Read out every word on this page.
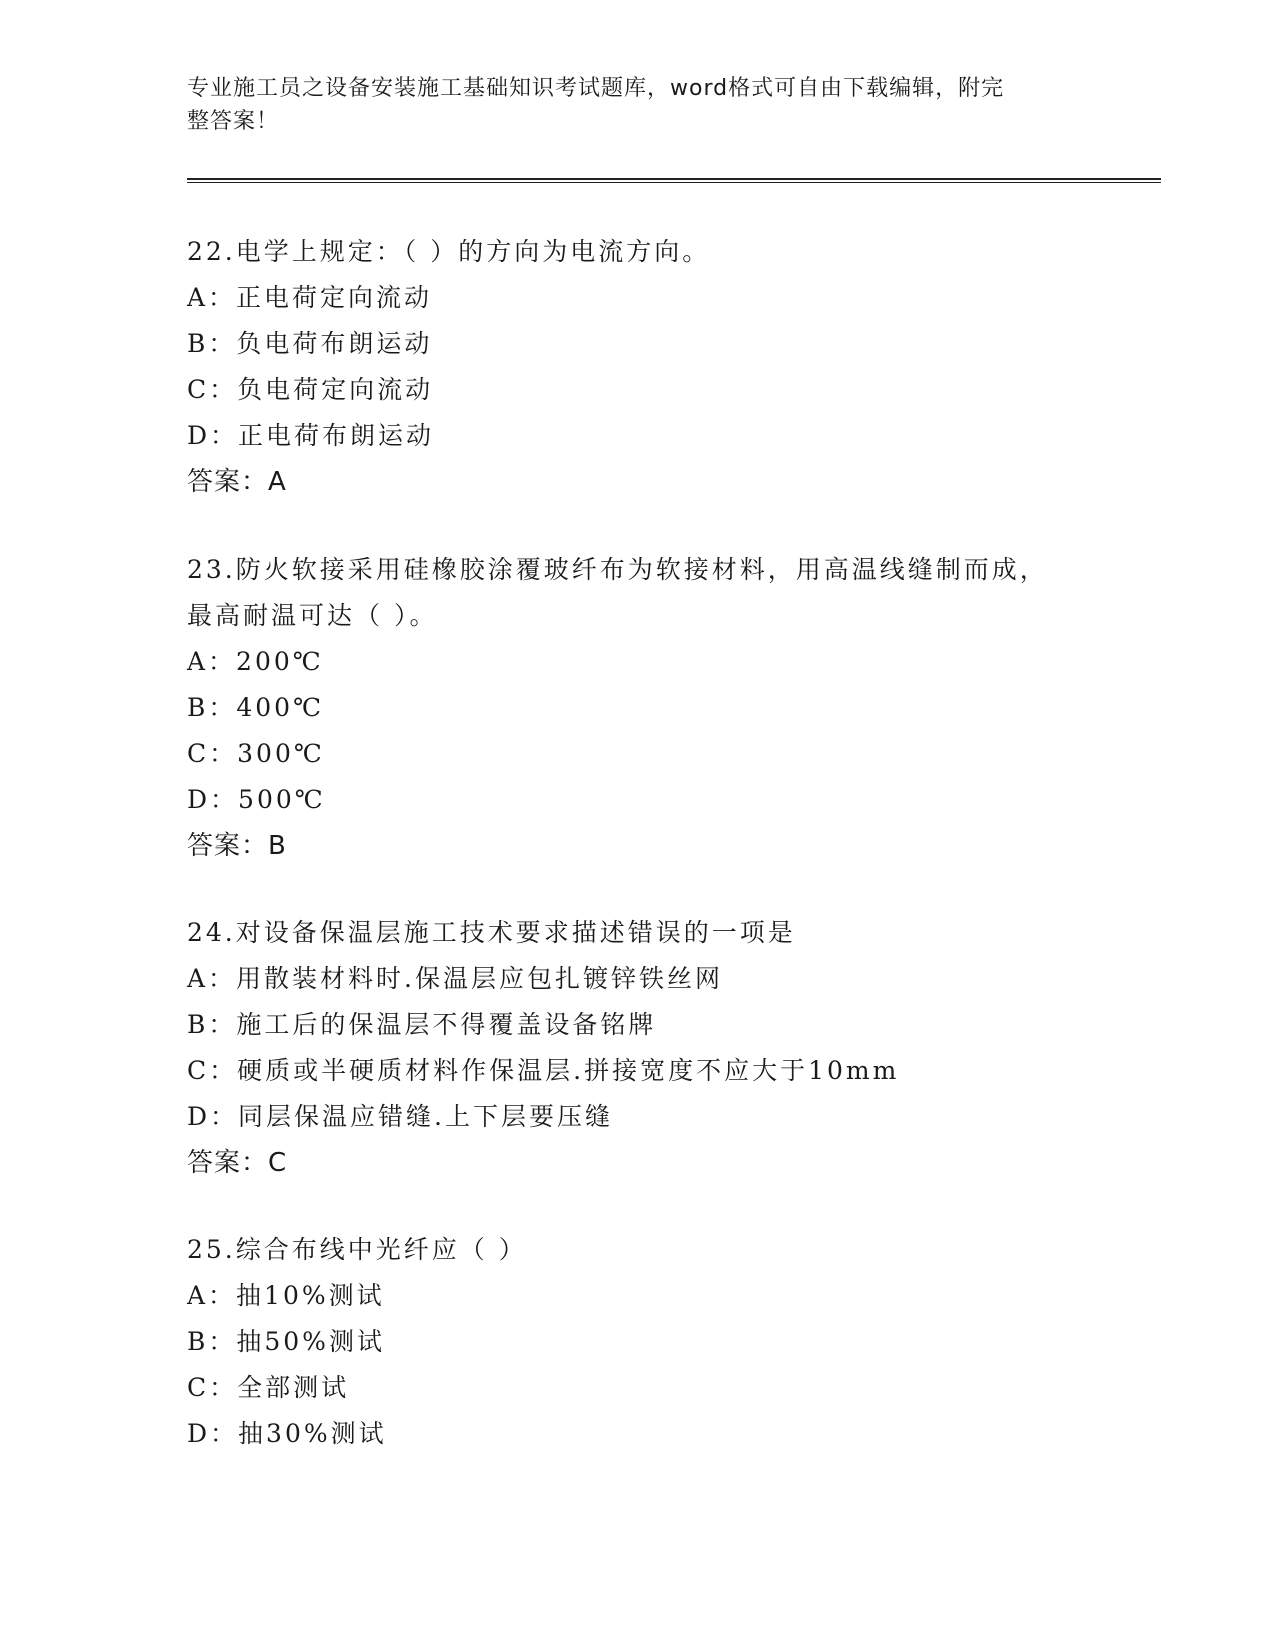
专业施工员之设备安装施工基础知识考试题库，word格式可自由下载编辑，附完
整答案！
22.电学上规定：（ ）的方向为电流方向。
A：正电荷定向流动
B：负电荷布朗运动
C：负电荷定向流动
D：正电荷布朗运动
答案：A
23.防火软接采用硅橡胶涂覆玻纤布为软接材料，用高温线缝制而成，
最高耐温可达（ ）。
A：200℃
B：400℃
C：300℃
D：500℃
答案：B
24.对设备保温层施工技术要求描述错误的一项是
A：用散装材料时.保温层应包扎镀锌铁丝网
B：施工后的保温层不得覆盖设备铭牌
C：硬质或半硬质材料作保温层.拼接宽度不应大于10mm
D：同层保温应错缝.上下层要压缝
答案：C
25.综合布线中光纤应（ ）
A：抽10%测试
B：抽50%测试
C：全部测试
D：抽30%测试
